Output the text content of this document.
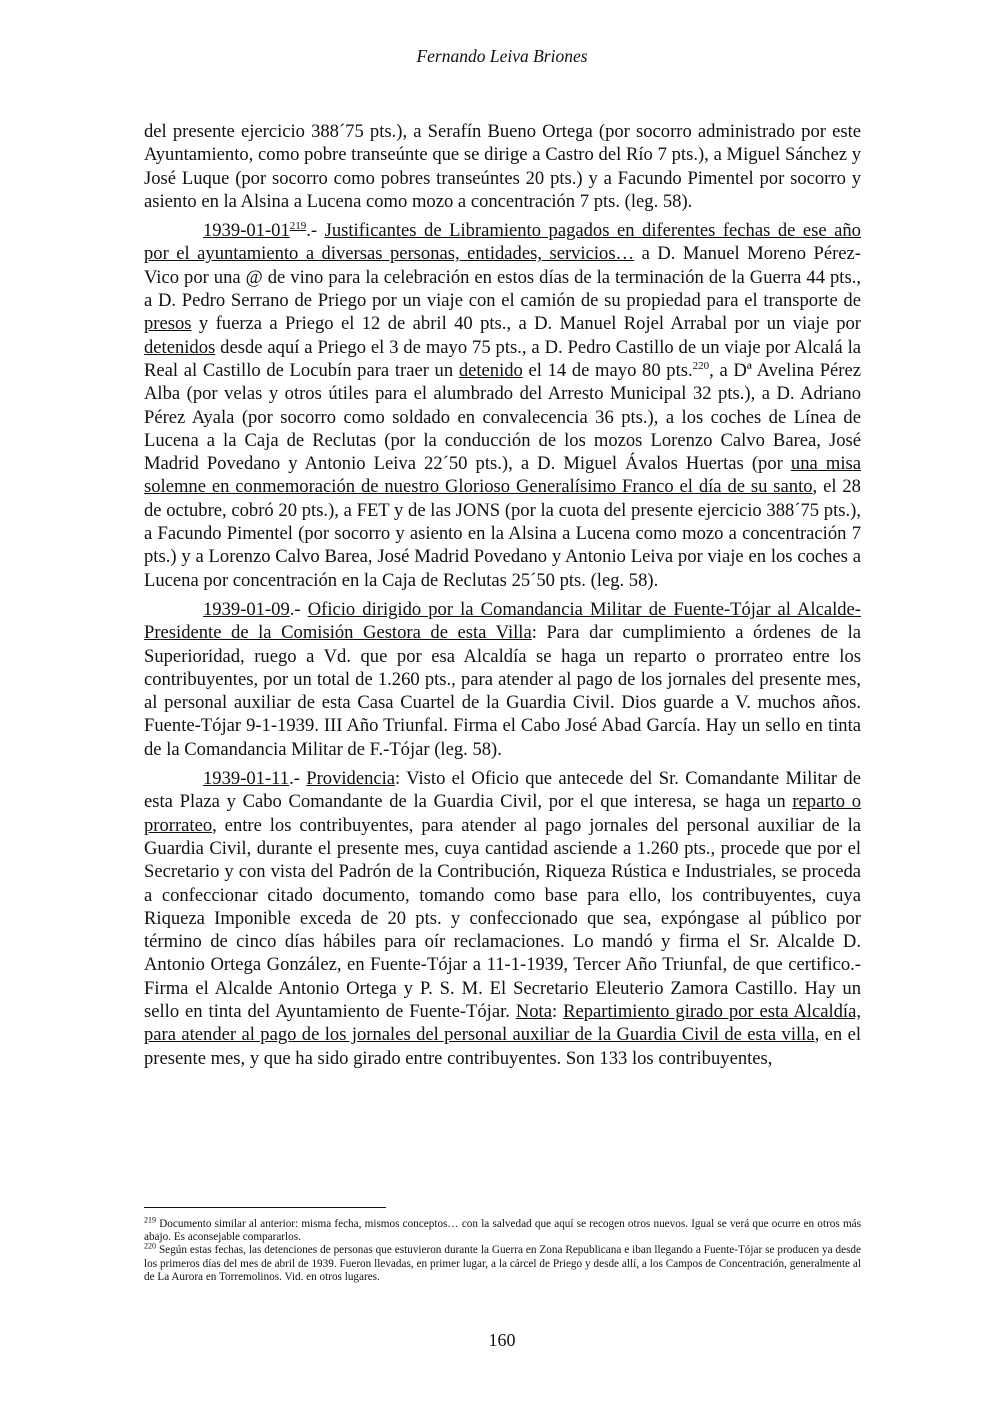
Fernando Leiva Briones

del presente ejercicio 388´75 pts.), a Serafín Bueno Ortega (por socorro administrado por este Ayuntamiento, como pobre transeúnte que se dirige a Castro del Río 7 pts.), a Miguel Sánchez y José Luque (por socorro como pobres transeúntes 20 pts.) y a Facundo Pimentel por socorro y asiento en la Alsina a Lucena como mozo a concentración 7 pts. (leg. 58).

$1939-01-01^{219}.-$ Justificantes de Libramiento pagados en diferentes fechas de ese año por el ayuntamiento a diversas personas, entidades, servicios… a D. Manuel Moreno Pérez-Vico por una @ de vino para la celebración en estos días de la terminación de la Guerra 44 pts., a D. Pedro Serrano de Priego por un viaje con el camión de su propiedad para el transporte de presos y fuerza a Priego el 12 de abril 40 pts., a D. Manuel Rojel Arrabal por un viaje por detenidos desde aquí a Priego el 3 de mayo 75 pts., a D. Pedro Castillo de un viaje por Alcalá la Real al Castillo de Locubín para traer un detenido el 14 de mayo 80 pts.$^{220}$, a Dª Avelina Pérez Alba (por velas y otros útiles para el alumbrado del Arresto Municipal 32 pts.), a D. Adriano Pérez Ayala (por socorro como soldado en convalecencia 36 pts.), a los coches de Línea de Lucena a la Caja de Reclutas (por la conducción de los mozos Lorenzo Calvo Barea, José Madrid Povedano y Antonio Leiva 22´50 pts.), a D. Miguel Ávalos Huertas (por una misa solemne en conmemoración de nuestro Glorioso Generalísimo Franco el día de su santo, el 28 de octubre, cobró 20 pts.), a FET y de las JONS (por la cuota del presente ejercicio 388´75 pts.), a Facundo Pimentel (por socorro y asiento en la Alsina a Lucena como mozo a concentración 7 pts.) y a Lorenzo Calvo Barea, José Madrid Povedano y Antonio Leiva por viaje en los coches a Lucena por concentración en la Caja de Reclutas 25´50 pts. (leg. 58).

1939-01-09.- Oficio dirigido por la Comandancia Militar de Fuente-Tójar al Alcalde-Presidente de la Comisión Gestora de esta Villa: Para dar cumplimiento a órdenes de la Superioridad, ruego a Vd. que por esa Alcaldía se haga un reparto o prorrateo entre los contribuyentes, por un total de 1.260 pts., para atender al pago de los jornales del presente mes, al personal auxiliar de esta Casa Cuartel de la Guardia Civil. Dios guarde a V. muchos años. Fuente-Tójar 9-1-1939. III Año Triunfal. Firma el Cabo José Abad García. Hay un sello en tinta de la Comandancia Militar de F.-Tójar (leg. 58).

1939-01-11.- Providencia: Visto el Oficio que antecede del Sr. Comandante Militar de esta Plaza y Cabo Comandante de la Guardia Civil, por el que interesa, se haga un reparto o prorrateo, entre los contribuyentes, para atender al pago jornales del personal auxiliar de la Guardia Civil, durante el presente mes, cuya cantidad asciende a 1.260 pts., procede que por el Secretario y con vista del Padrón de la Contribución, Riqueza Rústica e Industriales, se proceda a confeccionar citado documento, tomando como base para ello, los contribuyentes, cuya Riqueza Imponible exceda de 20 pts. y confeccionado que sea, expóngase al público por término de cinco días hábiles para oír reclamaciones. Lo mandó y firma el Sr. Alcalde D. Antonio Ortega González, en Fuente-Tójar a 11-1-1939, Tercer Año Triunfal, de que certifico.- Firma el Alcalde Antonio Ortega y P. S. M. El Secretario Eleuterio Zamora Castillo. Hay un sello en tinta del Ayuntamiento de Fuente-Tójar. Nota: Repartimiento girado por esta Alcaldía, para atender al pago de los jornales del personal auxiliar de la Guardia Civil de esta villa, en el presente mes, y que ha sido girado entre contribuyentes. Son 133 los contribuyentes,

$^{219}$ Documento similar al anterior: misma fecha, mismos conceptos… con la salvedad que aquí se recogen otros nuevos. Igual se verá que ocurre en otros más abajo. Es aconsejable compararlos.

$^{220}$ Según estas fechas, las detenciones de personas que estuvieron durante la Guerra en Zona Republicana e iban llegando a Fuente-Tójar se producen ya desde los primeros días del mes de abril de 1939. Fueron llevadas, en primer lugar, a la cárcel de Priego y desde allí, a los Campos de Concentración, generalmente al de La Aurora en Torremolinos. Vid. en otros lugares.

160
